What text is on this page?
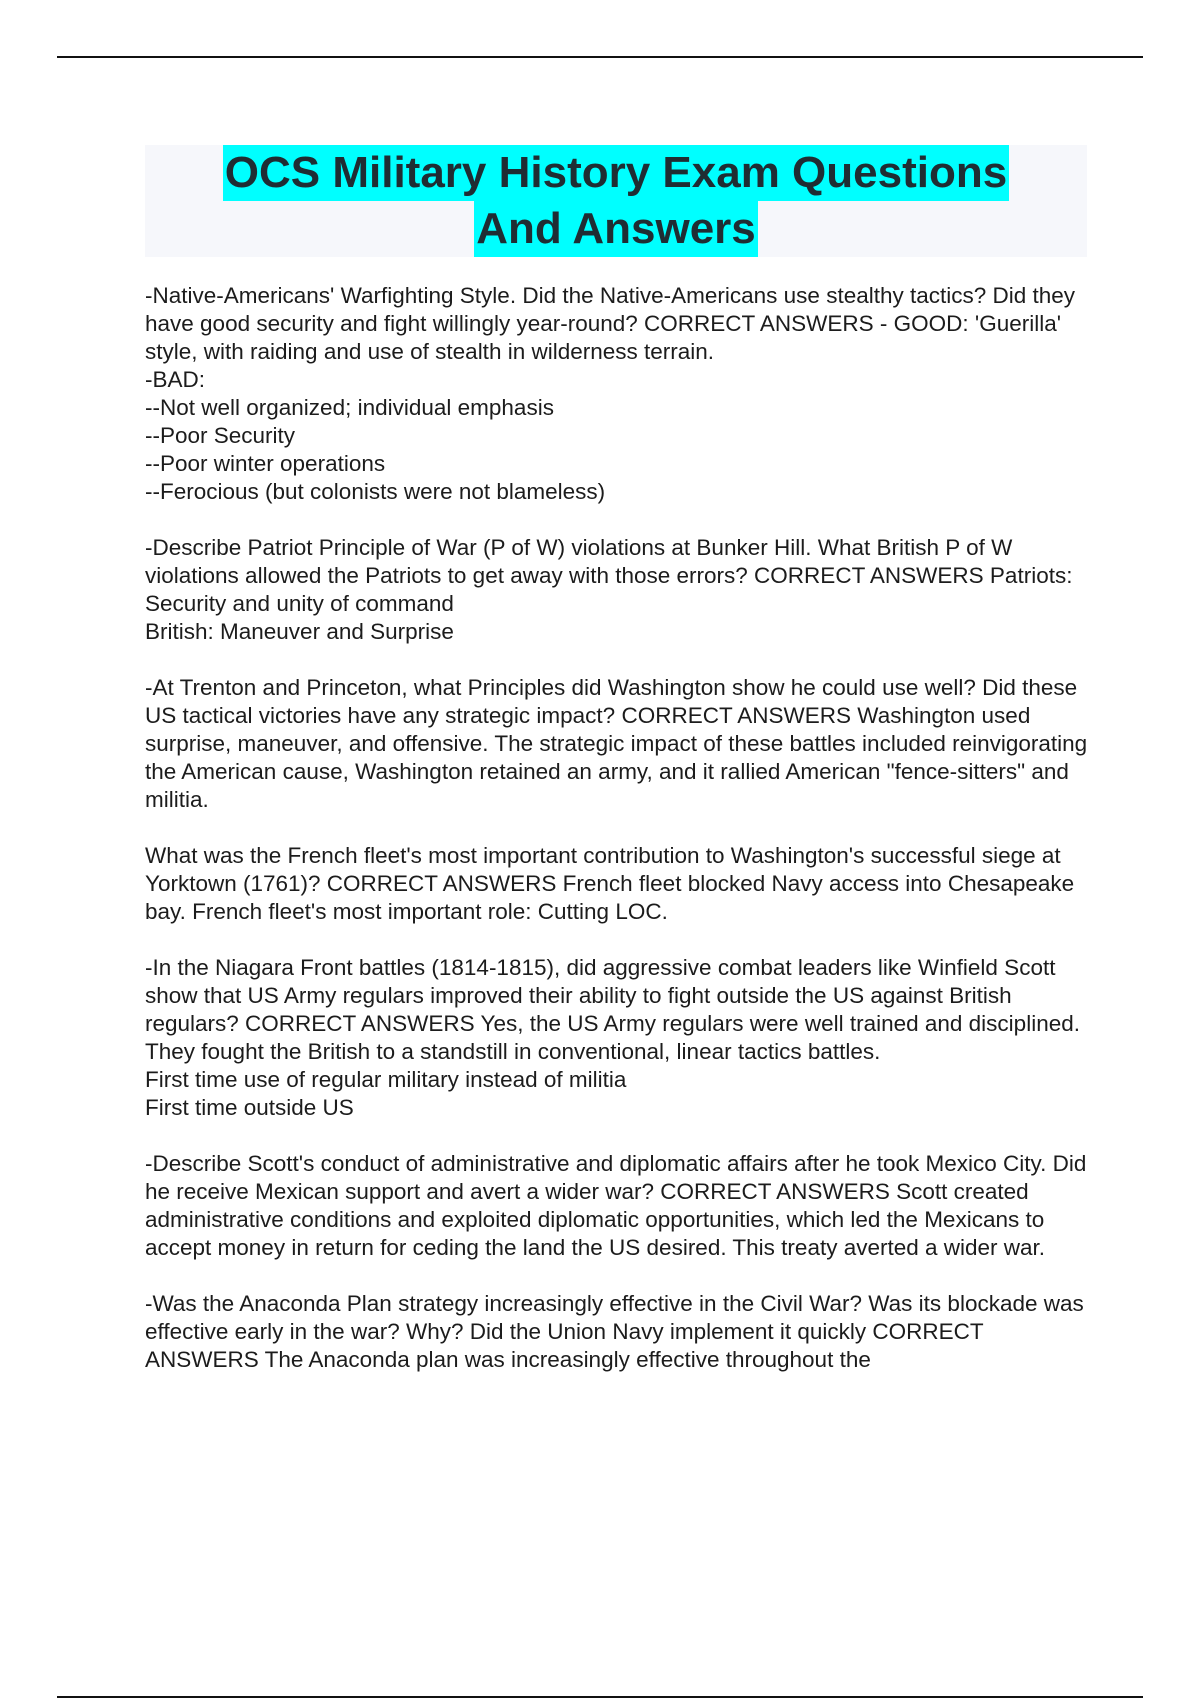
OCS Military History Exam Questions
And Answers
-Native-Americans' Warfighting Style. Did the Native-Americans use stealthy tactics? Did they have good security and fight willingly year-round? CORRECT ANSWERS - GOOD: 'Guerilla' style, with raiding and use of stealth in wilderness terrain.
-BAD:
--Not well organized; individual emphasis
--Poor Security
--Poor winter operations
--Ferocious (but colonists were not blameless)
-Describe Patriot Principle of War (P of W) violations at Bunker Hill. What British P of W violations allowed the Patriots to get away with those errors? CORRECT ANSWERS Patriots: Security and unity of command
British: Maneuver and Surprise
-At Trenton and Princeton, what Principles did Washington show he could use well? Did these US tactical victories have any strategic impact? CORRECT ANSWERS Washington used surprise, maneuver, and offensive. The strategic impact of these battles included reinvigorating the American cause, Washington retained an army, and it rallied American "fence-sitters" and militia.
What was the French fleet's most important contribution to Washington's successful siege at Yorktown (1761)? CORRECT ANSWERS French fleet blocked Navy access into Chesapeake bay. French fleet's most important role: Cutting LOC.
-In the Niagara Front battles (1814-1815), did aggressive combat leaders like Winfield Scott show that US Army regulars improved their ability to fight outside the US against British regulars? CORRECT ANSWERS Yes, the US Army regulars were well trained and disciplined. They fought the British to a standstill in conventional, linear tactics battles.
First time use of regular military instead of militia
First time outside US
-Describe Scott's conduct of administrative and diplomatic affairs after he took Mexico City. Did he receive Mexican support and avert a wider war? CORRECT ANSWERS Scott created administrative conditions and exploited diplomatic opportunities, which led the Mexicans to accept money in return for ceding the land the US desired. This treaty averted a wider war.
-Was the Anaconda Plan strategy increasingly effective in the Civil War? Was its blockade was effective early in the war? Why? Did the Union Navy implement it quickly CORRECT ANSWERS The Anaconda plan was increasingly effective throughout the
